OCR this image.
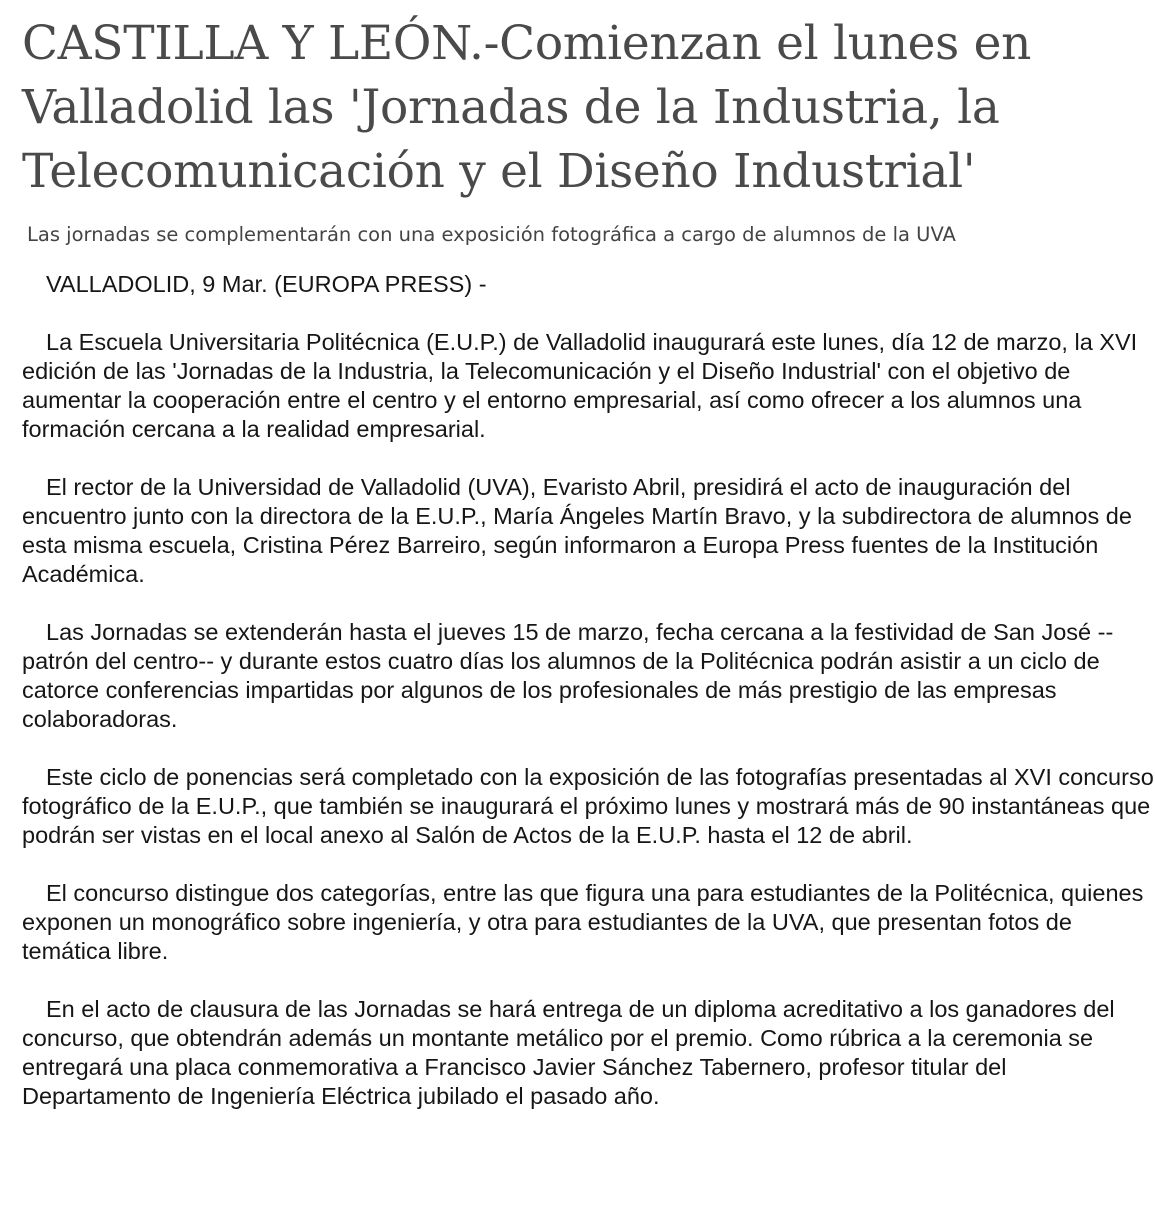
CASTILLA Y LEÓN.-Comienzan el lunes en Valladolid las 'Jornadas de la Industria, la Telecomunicación y el Diseño Industrial'

Las jornadas se complementarán con una exposición fotográfica a cargo de alumnos de la UVA

VALLADOLID, 9 Mar. (EUROPA PRESS) -

La Escuela Universitaria Politécnica (E.U.P.) de Valladolid inaugurará este lunes, día 12 de marzo, la XVI edición de las 'Jornadas de la Industria, la Telecomunicación y el Diseño Industrial' con el objetivo de aumentar la cooperación entre el centro y el entorno empresarial, así como ofrecer a los alumnos una formación cercana a la realidad empresarial.

El rector de la Universidad de Valladolid (UVA), Evaristo Abril, presidirá el acto de inauguración del encuentro junto con la directora de la E.U.P., María Ángeles Martín Bravo, y la subdirectora de alumnos de esta misma escuela, Cristina Pérez Barreiro, según informaron a Europa Press fuentes de la Institución Académica.

Las Jornadas se extenderán hasta el jueves 15 de marzo, fecha cercana a la festividad de San José --patrón del centro-- y durante estos cuatro días los alumnos de la Politécnica podrán asistir a un ciclo de catorce conferencias impartidas por algunos de los profesionales de más prestigio de las empresas colaboradoras.

Este ciclo de ponencias será completado con la exposición de las fotografías presentadas al XVI concurso fotográfico de la E.U.P., que también se inaugurará el próximo lunes y mostrará más de 90 instantáneas que podrán ser vistas en el local anexo al Salón de Actos de la E.U.P. hasta el 12 de abril.

El concurso distingue dos categorías, entre las que figura una para estudiantes de la Politécnica, quienes exponen un monográfico sobre ingeniería, y otra para estudiantes de la UVA, que presentan fotos de temática libre.

En el acto de clausura de las Jornadas se hará entrega de un diploma acreditativo a los ganadores del concurso, que obtendrán además un montante metálico por el premio. Como rúbrica a la ceremonia se entregará una placa conmemorativa a Francisco Javier Sánchez Tabernero, profesor titular del Departamento de Ingeniería Eléctrica jubilado el pasado año.
